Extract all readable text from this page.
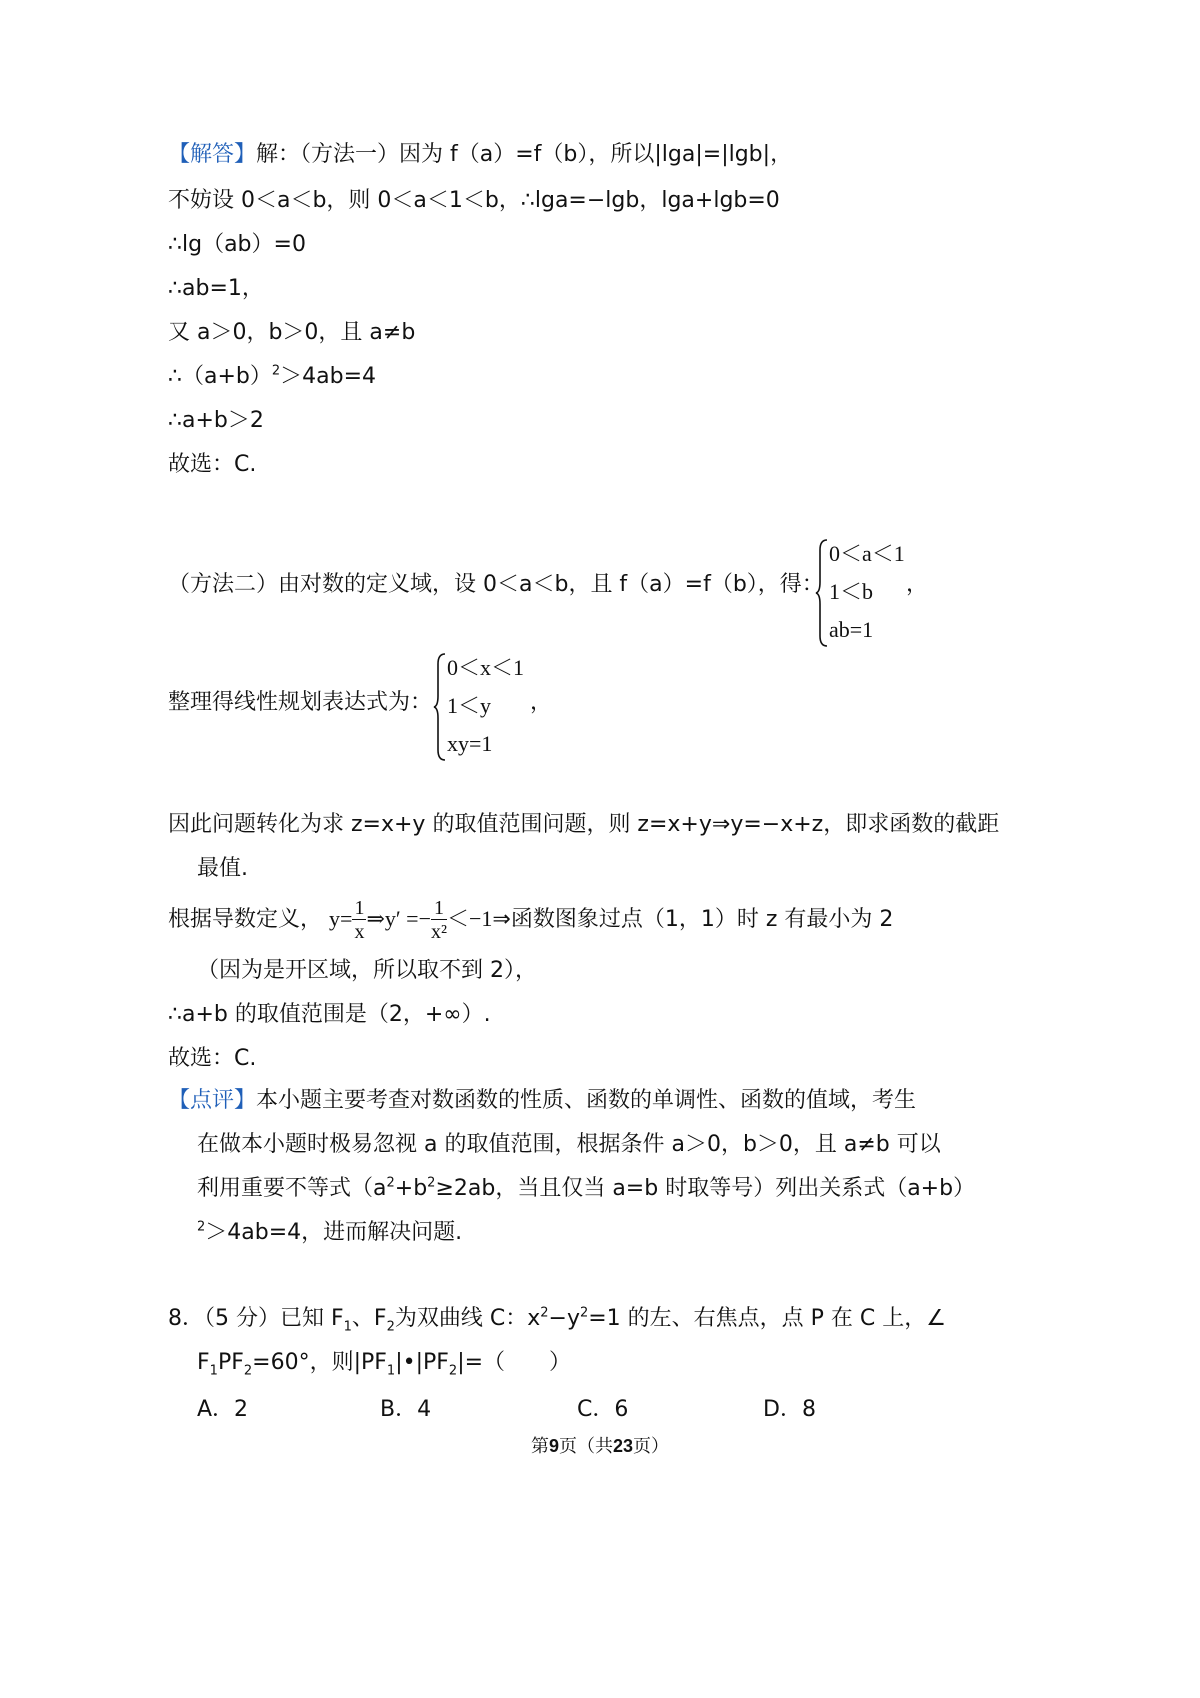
【解答】解：（方法一）因为 f（a）=f（b），所以|lga|=|lgb|，
不妨设 0＜a＜b，则 0＜a＜1＜b，∴lga=−lgb，lga+lgb=0
∴lg（ab）=0
∴ab=1，
又 a＞0，b＞0，且 a≠b
$\therefore(a+b)^2>4ab=4$
∴a+b＞2
故选：C.
（方法二）由对数的定义域，设 0＜a＜b，且 f（a）=f（b），得：
0＜a＜1
1＜b
ab=1
，
整理得线性规划表达式为：
0＜x＜1
1＜y
xy=1
，
因此问题转化为求 z=x+y 的取值范围问题，则 z=x+y⇒y=−x+z，即求函数的截距
最值.
根据导数定义， $y= \frac{1}{x}$ ⇒y′ =− $\frac{1}{\text{x²}}$ ＜−1⇒函数图象过点（1，1）时 z 有最小为 2
（因为是开区域，所以取不到 2），
∴a+b 的取值范围是（2，+∞）.
故选：C.
【点评】本小题主要考查对数函数的性质、函数的单调性、函数的值域，考生
在做本小题时极易忽视 a 的取值范围，根据条件 a＞0，b＞0，且 a≠b 可以
利用重要不等式（$a^2+b^2\ge 2ab$，当且仅当 a=b 时取等号）列出关系式（a+b）
$^2$＞4ab=4，进而解决问题.
8．（5 分）已知 $F_1$、$F_2$为双曲线 C：$x^2-y^2=1$ 的左、右焦点，点 P 在 C 上，∠
$F_1PF_2=60^\circ$，则$|PF_1|•|PF_2|=$（　　）
A．2	B．4	C．6	D．8
第9页（共23页）
